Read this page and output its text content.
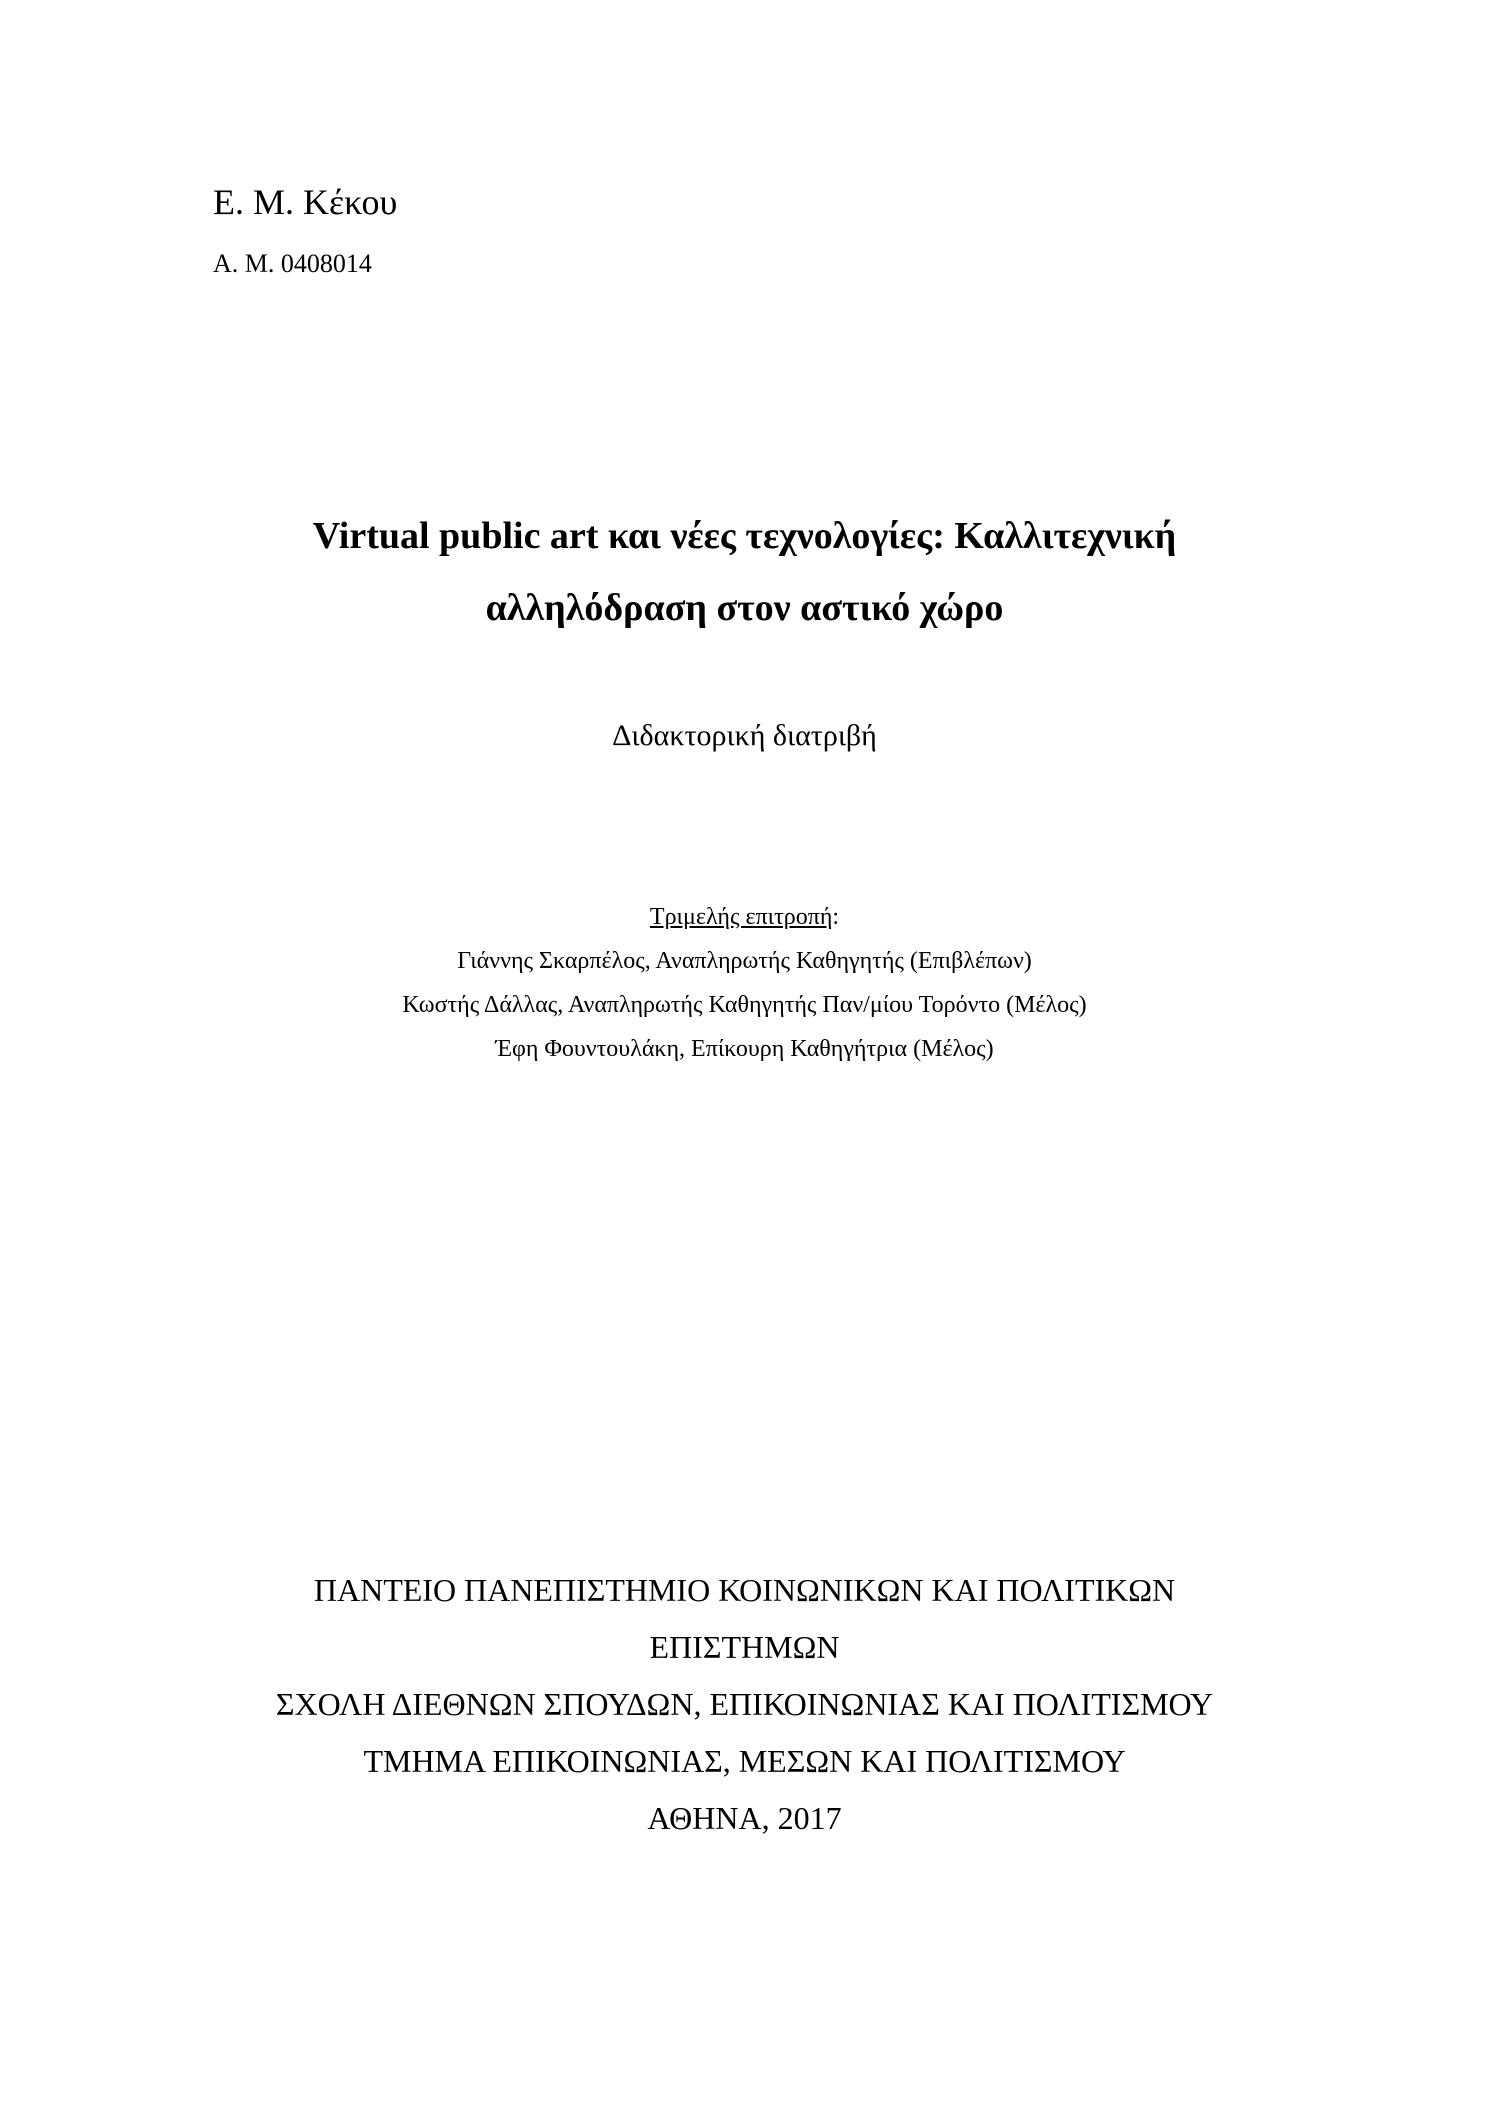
Ε. Μ. Κέκου
Α. Μ. 0408014
Virtual public art και νέες τεχνολογίες: Καλλιτεχνική
αλληλόδραση στον αστικό χώρο
Διδακτορική διατριβή
Τριμελής επιτροπή:
Γιάννης Σκαρπέλος, Αναπληρωτής Καθηγητής (Επιβλέπων)
Κωστής Δάλλας, Αναπληρωτής Καθηγητής Παν/μίου Τορόντο (Μέλος)
Έφη Φουντουλάκη, Επίκουρη Καθηγήτρια (Μέλος)
ΠΑΝΤΕΙΟ ΠΑΝΕΠΙΣΤΗΜΙΟ ΚΟΙΝΩΝΙΚΩΝ ΚΑΙ ΠΟΛΙΤΙΚΩΝ
ΕΠΙΣΤΗΜΩΝ
ΣΧΟΛΗ ΔΙΕΘΝΩΝ ΣΠΟΥΔΩΝ, ΕΠΙΚΟΙΝΩΝΙΑΣ ΚΑΙ ΠΟΛΙΤΙΣΜΟΥ
ΤΜΗΜΑ ΕΠΙΚΟΙΝΩΝΙΑΣ, ΜΕΣΩΝ ΚΑΙ ΠΟΛΙΤΙΣΜΟΥ
ΑΘΗΝΑ, 2017
